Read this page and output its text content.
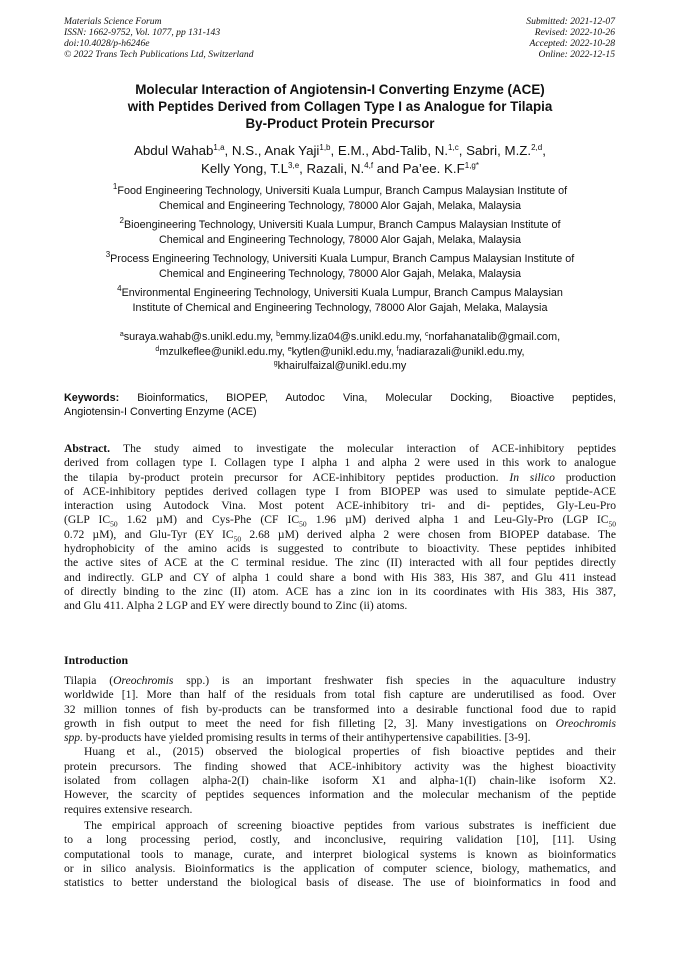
Materials Science Forum
ISSN: 1662-9752, Vol. 1077, pp 131-143
doi:10.4028/p-h6246e
© 2022 Trans Tech Publications Ltd, Switzerland
Submitted: 2021-12-07
Revised: 2022-10-26
Accepted: 2022-10-28
Online: 2022-12-15
Molecular Interaction of Angiotensin-I Converting Enzyme (ACE)
with Peptides Derived from Collagen Type I as Analogue for Tilapia
By-Product Protein Precursor
Abdul Wahab$^{1,a}$, N.S., Anak Yaji$^{1,b}$, E.M., Abd-Talib, N.$^{1,c}$, Sabri, M.Z.$^{2,d}$,
Kelly Yong, $T.L^{3,e}$, Razali, N.$^{4,f}$ and Pa’ee. $K.F^{1,g*}$
$^1$Food Engineering Technology, Universiti Kuala Lumpur, Branch Campus Malaysian Institute of
Chemical and Engineering Technology, 78000 Alor Gajah, Melaka, Malaysia
$^2$Bioengineering Technology, Universiti Kuala Lumpur, Branch Campus Malaysian Institute of
Chemical and Engineering Technology, 78000 Alor Gajah, Melaka, Malaysia
$^3$Process Engineering Technology, Universiti Kuala Lumpur, Branch Campus Malaysian Institute of
Chemical and Engineering Technology, 78000 Alor Gajah, Melaka, Malaysia
$^4$Environmental Engineering Technology, Universiti Kuala Lumpur, Branch Campus Malaysian
Institute of Chemical and Engineering Technology, 78000 Alor Gajah, Melaka, Malaysia
$^a$suraya.wahab@s.unikl.edu.my, $^b$emmy.liza04@s.unikl.edu.my, $^c$norfahanatalib@gmail.com,
$^d$mzulkeflee@unikl.edu.my, $^e$kytlen@unikl.edu.my, $^f$nadiarazali@unikl.edu.my,
$^g$khairulfaizal@unikl.edu.my
Keywords: Bioinformatics, BIOPEP, Autodoc Vina, Molecular Docking, Bioactive peptides,
Angiotensin-I Converting Enzyme (ACE)
Abstract. The study aimed to investigate the molecular interaction of ACE-inhibitory peptides
derived from collagen type I. Collagen type I alpha 1 and alpha 2 were used in this work to analogue
the tilapia by-product protein precursor for ACE-inhibitory peptides production. In silico production
of ACE-inhibitory peptides derived collagen type I from BIOPEP was used to simulate peptide-ACE
interaction using Autodock Vina. Most potent ACE-inhibitory tri- and di- peptides, Gly-Leu-Pro
(GLP $IC_{50}$ 1.62 µM) and Cys-Phe (CF $IC_{50}$ 1.96 µM) derived alpha 1 and Leu-Gly-Pro (LGP $IC_{50}$
0.72 µM), and Glu-Tyr (EY $IC_{50}$ 2.68 µM) derived alpha 2 were chosen from BIOPEP database. The
hydrophobicity of the amino acids is suggested to contribute to bioactivity. These peptides inhibited
the active sites of ACE at the C terminal residue. The zinc (II) interacted with all four peptides directly
and indirectly. GLP and CY of alpha 1 could share a bond with His 383, His 387, and Glu 411 instead
of directly binding to the zinc (II) atom. ACE has a zinc ion in its coordinates with His 383, His 387,
and Glu 411. Alpha 2 LGP and EY were directly bound to Zinc (ii) atoms.
Introduction
Tilapia (Oreochromis spp.) is an important freshwater fish species in the aquaculture industry
worldwide [1]. More than half of the residuals from total fish capture are underutilised as food. Over
32 million tonnes of fish by-products can be transformed into a desirable functional food due to rapid
growth in fish output to meet the need for fish filleting [2, 3]. Many investigations on Oreochromis
spp. by-products have yielded promising results in terms of their antihypertensive capabilities. [3-9].
Huang et al., (2015) observed the biological properties of fish bioactive peptides and their
protein precursors. The finding showed that ACE-inhibitory activity was the highest bioactivity
isolated from collagen alpha-2(I) chain-like isoform X1 and alpha-1(I) chain-like isoform X2.
However, the scarcity of peptides sequences information and the molecular mechanism of the peptide
requires extensive research.
The empirical approach of screening bioactive peptides from various substrates is inefficient due
to a long processing period, costly, and inconclusive, requiring validation [10], [11]. Using
computational tools to manage, curate, and interpret biological systems is known as bioinformatics
or in silico analysis. Bioinformatics is the application of computer science, biology, mathematics, and
statistics to better understand the biological basis of disease. The use of bioinformatics in food and
